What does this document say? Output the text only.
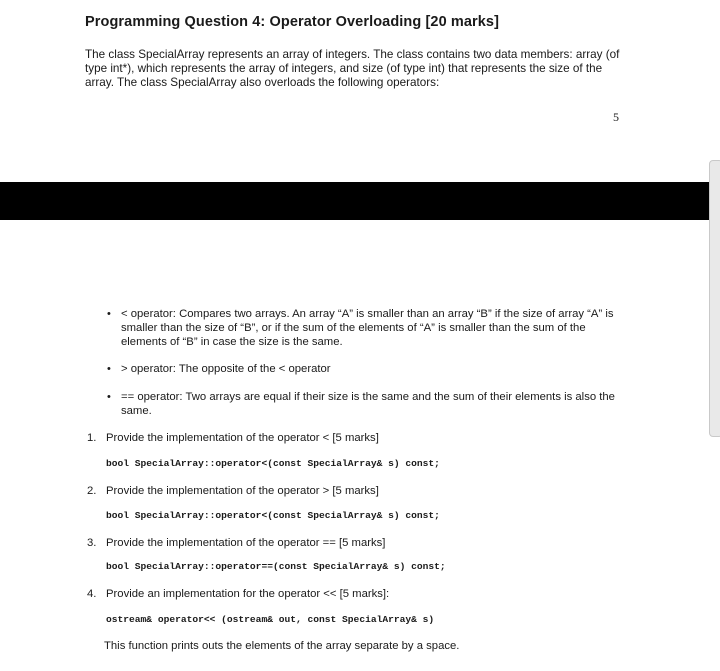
Programming Question 4: Operator Overloading [20 marks]
The class SpecialArray represents an array of integers. The class contains two data members: array (of type int*), which represents the array of integers, and size (of type int) that represents the size of the array. The class SpecialArray also overloads the following operators:
5
• < operator: Compares two arrays. An array “A” is smaller than an array “B” if the size of array “A” is smaller than the size of “B”, or if the sum of the elements of “A” is smaller than the sum of the elements of “B” in case the size is the same.
• > operator: The opposite of the < operator
• == operator: Two arrays are equal if their size is the same and the sum of their elements is also the same.
1. Provide the implementation of the operator < [5 marks]
bool SpecialArray::operator<(const SpecialArray& s) const;
2. Provide the implementation of the operator > [5 marks]
bool SpecialArray::operator<(const SpecialArray& s) const;
3. Provide the implementation of the operator == [5 marks]
bool SpecialArray::operator==(const SpecialArray& s) const;
4. Provide an implementation for the operator << [5 marks]:
ostream& operator<< (ostream& out, const SpecialArray& s)
This function prints outs the elements of the array separate by a space.
